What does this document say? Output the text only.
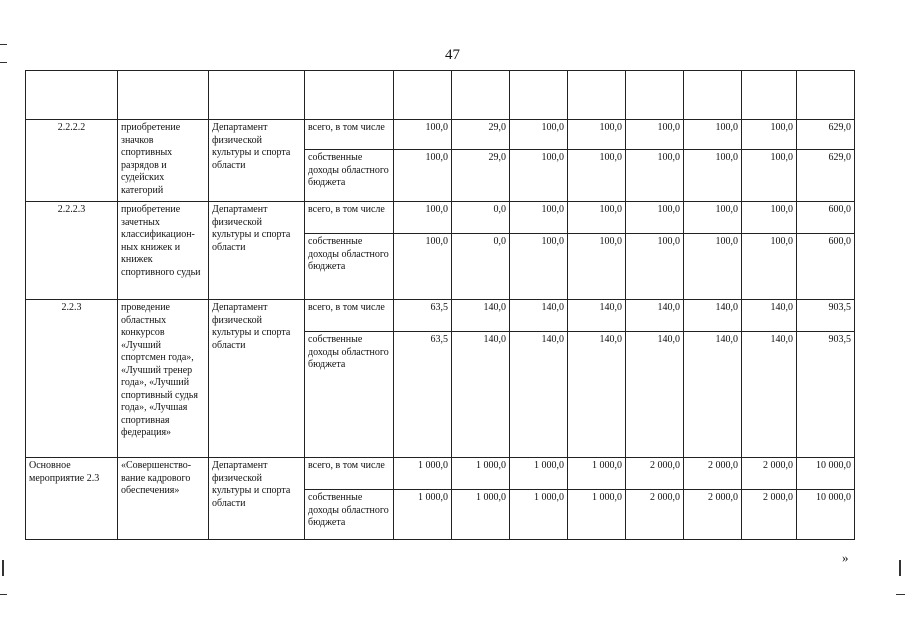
47

2.2.2.2	приобретение значков спортивных разрядов и судейских категорий	Департамент физической культуры и спорта области	всего, в том числе	100,0	29,0	100,0	100,0	100,0	100,0	100,0	629,0
			собственные доходы областного бюджета	100,0	29,0	100,0	100,0	100,0	100,0	100,0	629,0
2.2.2.3	приобретение зачетных классификацион-ных книжек и книжек спортивного судьи	Департамент физической культуры и спорта области	всего, в том числе	100,0	0,0	100,0	100,0	100,0	100,0	100,0	600,0
			собственные доходы областного бюджета	100,0	0,0	100,0	100,0	100,0	100,0	100,0	600,0
2.2.3	проведение областных конкурсов «Лучший спортсмен года», «Лучший тренер года», «Лучший спортивный судья года», «Лучшая спортивная федерация»	Департамент физической культуры и спорта области	всего, в том числе	63,5	140,0	140,0	140,0	140,0	140,0	140,0	903,5
			собственные доходы областного бюджета	63,5	140,0	140,0	140,0	140,0	140,0	140,0	903,5
Основное мероприятие 2.3	«Совершенство-вание кадрового обеспечения»	Департамент физической культуры и спорта области	всего, в том числе	1 000,0	1 000,0	1 000,0	1 000,0	2 000,0	2 000,0	2 000,0	10 000,0
			собственные доходы областного бюджета	1 000,0	1 000,0	1 000,0	1 000,0	2 000,0	2 000,0	2 000,0	10 000,0
»
